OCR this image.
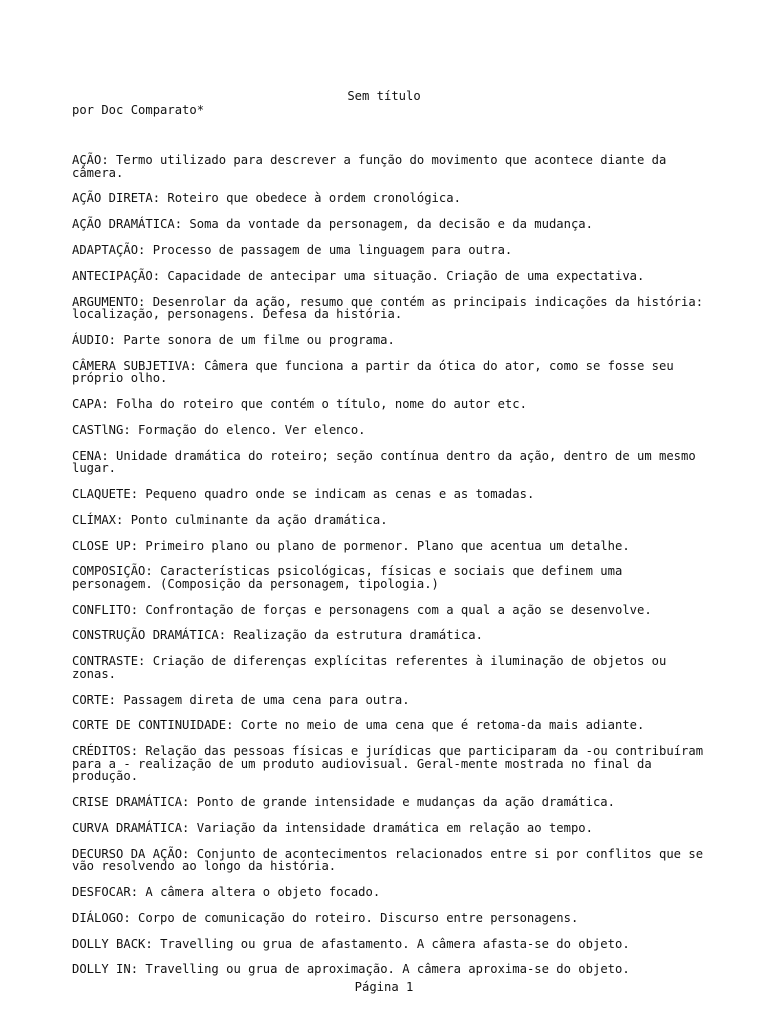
Sem título
por Doc Comparato*

AÇÃO: Termo utilizado para descrever a função do movimento que acontece diante da câmera.

AÇÃO DIRETA: Roteiro que obedece à ordem cronológica.

AÇÃO DRAMÁTICA: Soma da vontade da personagem, da decisão e da mudança.

ADAPTAÇÃO: Processo de passagem de uma linguagem para outra.

ANTECIPAÇÃO: Capacidade de antecipar uma situação. Criação de uma expectativa.

ARGUMENTO: Desenrolar da ação, resumo que contém as principais indicações da história: localização, personagens. Defesa da história.

ÁUDIO: Parte sonora de um filme ou programa.

CÂMERA SUBJETIVA: Câmera que funciona a partir da ótica do ator, como se fosse seu próprio olho.

CAPA: Folha do roteiro que contém o título, nome do autor etc.

CASTlNG: Formação do elenco. Ver elenco.

CENA: Unidade dramática do roteiro; seção contínua dentro da ação, dentro de um mesmo lugar.

CLAQUETE: Pequeno quadro onde se indicam as cenas e as tomadas.

CLÍMAX: Ponto culminante da ação dramática.

CLOSE UP: Primeiro plano ou plano de pormenor. Plano que acentua um detalhe.

COMPOSIÇÃO: Características psicológicas, físicas e sociais que definem uma personagem. (Composição da personagem, tipologia.)

CONFLITO: Confrontação de forças e personagens com a qual a ação se desenvolve.

CONSTRUÇÃO DRAMÁTICA: Realização da estrutura dramática.

CONTRASTE: Criação de diferenças explícitas referentes à iluminação de objetos ou zonas.

CORTE: Passagem direta de uma cena para outra.

CORTE DE CONTINUIDADE: Corte no meio de uma cena que é retoma-da mais adiante.

CRÉDITOS: Relação das pessoas físicas e jurídicas que participaram da -ou contribuíram para a - realização de um produto audiovisual. Geral-mente mostrada no final da produção.

CRISE DRAMÁTICA: Ponto de grande intensidade e mudanças da ação dramática.

CURVA DRAMÁTICA: Variação da intensidade dramática em relação ao tempo.

DECURSO DA AÇÃO: Conjunto de acontecimentos relacionados entre si por conflitos que se vão resolvendo ao longo da história.

DESFOCAR: A câmera altera o objeto focado.

DIÁLOGO: Corpo de comunicação do roteiro. Discurso entre personagens.

DOLLY BACK: Travelling ou grua de afastamento. A câmera afasta-se do objeto.

DOLLY IN: Travelling ou grua de aproximação. A câmera aproxima-se do objeto.

Página 1
